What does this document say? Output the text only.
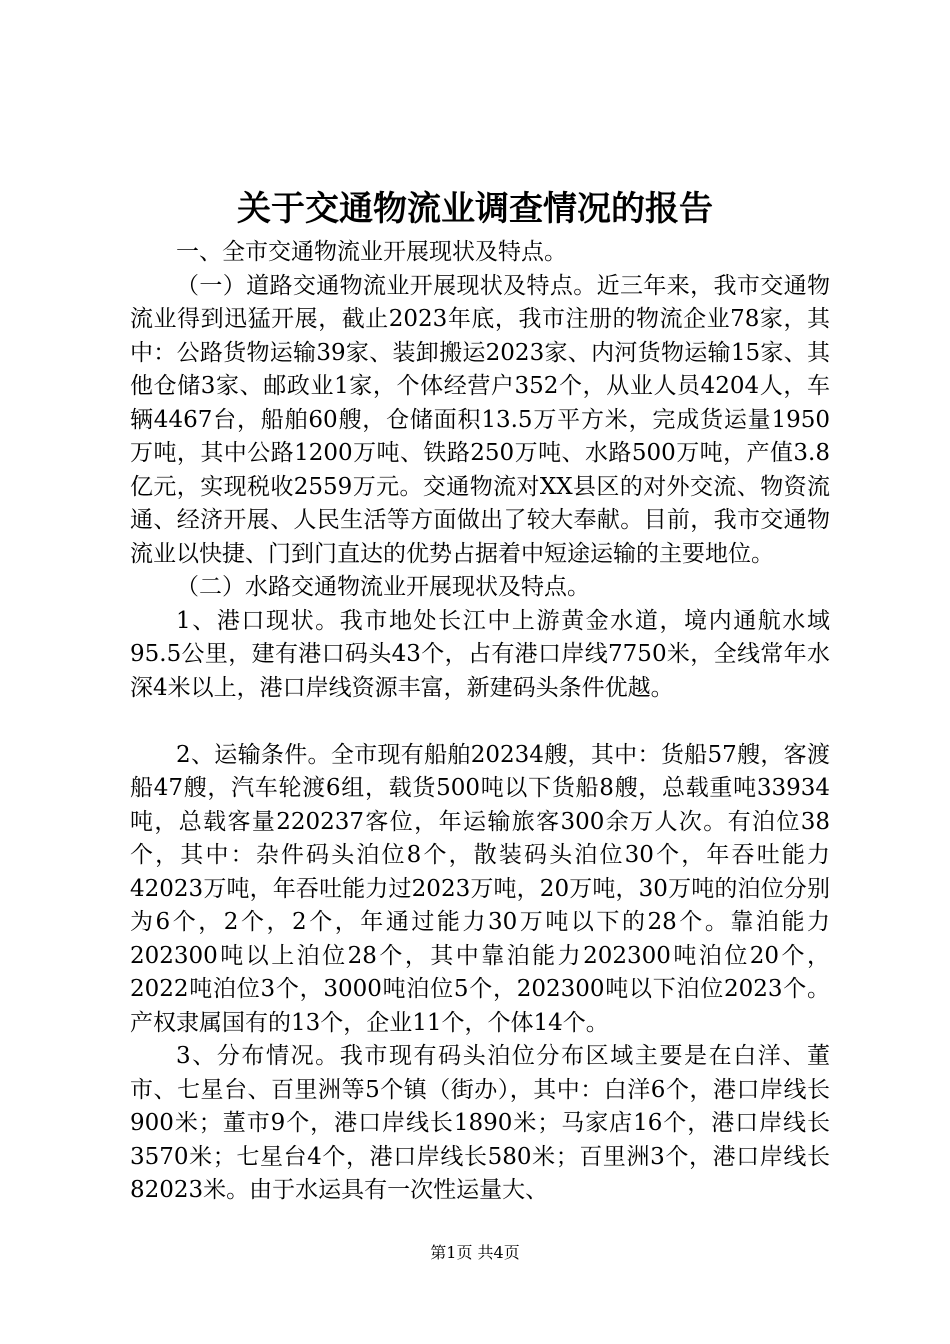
关于交通物流业调查情况的报告

一、全市交通物流业开展现状及特点。

（一）道路交通物流业开展现状及特点。近三年来，我市交通物流业得到迅猛开展，截止2023年底，我市注册的物流企业78家，其中：公路货物运输39家、装卸搬运2023家、内河货物运输15家、其他仓储3家、邮政业1家，个体经营户352个，从业人员4204人，车辆4467台，船舶60艘，仓储面积13.5万平方米，完成货运量1950万吨，其中公路1200万吨、铁路250万吨、水路500万吨，产值3.8亿元，实现税收2559万元。交通物流对XX县区的对外交流、物资流通、经济开展、人民生活等方面做出了较大奉献。目前，我市交通物流业以快捷、门到门直达的优势占据着中短途运输的主要地位。

（二）水路交通物流业开展现状及特点。

1、港口现状。我市地处长江中上游黄金水道，境内通航水域95.5公里，建有港口码头43个，占有港口岸线7750米，全线常年水深4米以上，港口岸线资源丰富，新建码头条件优越。

2、运输条件。全市现有船舶20234艘，其中：货船57艘，客渡船47艘，汽车轮渡6组，载货500吨以下货船8艘，总载重吨33934吨，总载客量220237客位，年运输旅客300余万人次。有泊位38个，其中：杂件码头泊位8个，散装码头泊位30个，年吞吐能力42023万吨，年吞吐能力过2023万吨，20万吨，30万吨的泊位分别为6个，2个，2个，年通过能力30万吨以下的28个。靠泊能力202300吨以上泊位28个，其中靠泊能力202300吨泊位20个，2022吨泊位3个，3000吨泊位5个，202300吨以下泊位2023个。产权隶属国有的13个，企业11个，个体14个。

3、分布情况。我市现有码头泊位分布区域主要是在白洋、董市、七星台、百里洲等5个镇（街办），其中：白洋6个，港口岸线长900米；董市9个，港口岸线长1890米；马家店16个，港口岸线长3570米；七星台4个，港口岸线长580米；百里洲3个，港口岸线长82023米。由于水运具有一次性运量大、

第1页 共4页
